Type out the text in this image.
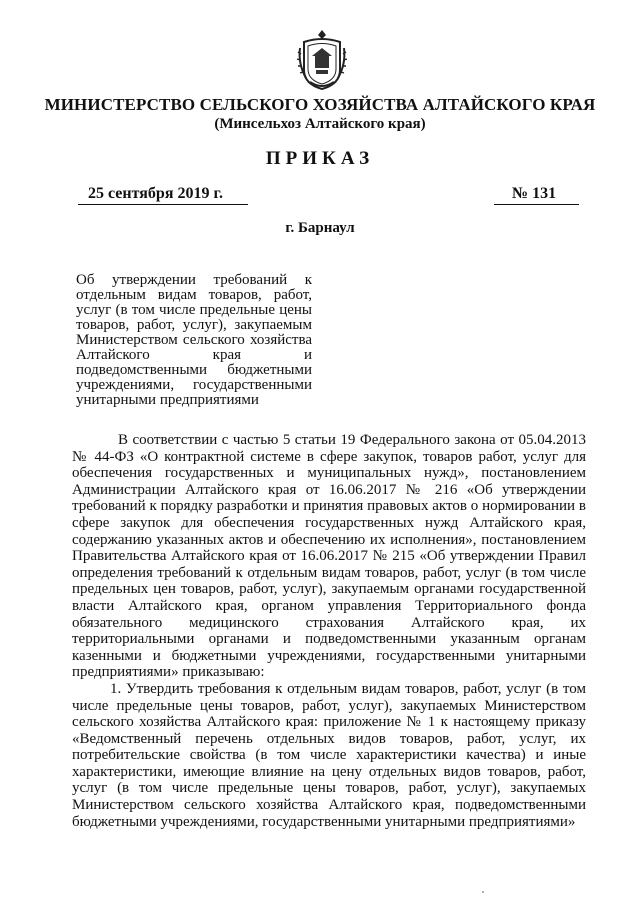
МИНИСТЕРСТВО СЕЛЬСКОГО ХОЗЯЙСТВА АЛТАЙСКОГО КРАЯ
(Минсельхоз Алтайского края)
ПРИКАЗ
25 сентября 2019 г.	№ 131
г. Барнаул
Об утверждении требований к отдельным видам товаров, работ, услуг (в том числе предельные цены товаров, работ, услуг), закупаемым Министерством сельского хозяйства Алтайского края и подведомственными бюджетными учреждениями, государственными унитарными предприятиями

В соответствии с частью 5 статьи 19 Федерального закона от 05.04.2013 № 44-ФЗ «О контрактной системе в сфере закупок, товаров работ, услуг для обеспечения государственных и муниципальных нужд», постановлением Администрации Алтайского края от 16.06.2017 № 216 «Об утверждении требований к порядку разработки и принятия правовых актов о нормировании в сфере закупок для обеспечения государственных нужд Алтайского края, содержанию указанных актов и обеспечению их исполнения», постановлением Правительства Алтайского края от 16.06.2017 № 215 «Об утверждении Правил определения требований к отдельным видам товаров, работ, услуг (в том числе предельных цен товаров, работ, услуг), закупаемым органами государственной власти Алтайского края, органом управления Территориального фонда обязательного медицинского страхования Алтайского края, их территориальными органами и подведомственными указанным органам казенными и бюджетными учреждениями, государственными унитарными предприятиями» приказываю:

1. Утвердить требования к отдельным видам товаров, работ, услуг (в том числе предельные цены товаров, работ, услуг), закупаемых Министерством сельского хозяйства Алтайского края: приложение № 1 к настоящему приказу «Ведомственный перечень отдельных видов товаров, работ, услуг, их потребительские свойства (в том числе характеристики качества) и иные характеристики, имеющие влияние на цену отдельных видов товаров, работ, услуг (в том числе предельные цены товаров, работ, услуг), закупаемых Министерством сельского хозяйства Алтайского края, подведомственными бюджетными учреждениями, государственными унитарными предприятиями»
